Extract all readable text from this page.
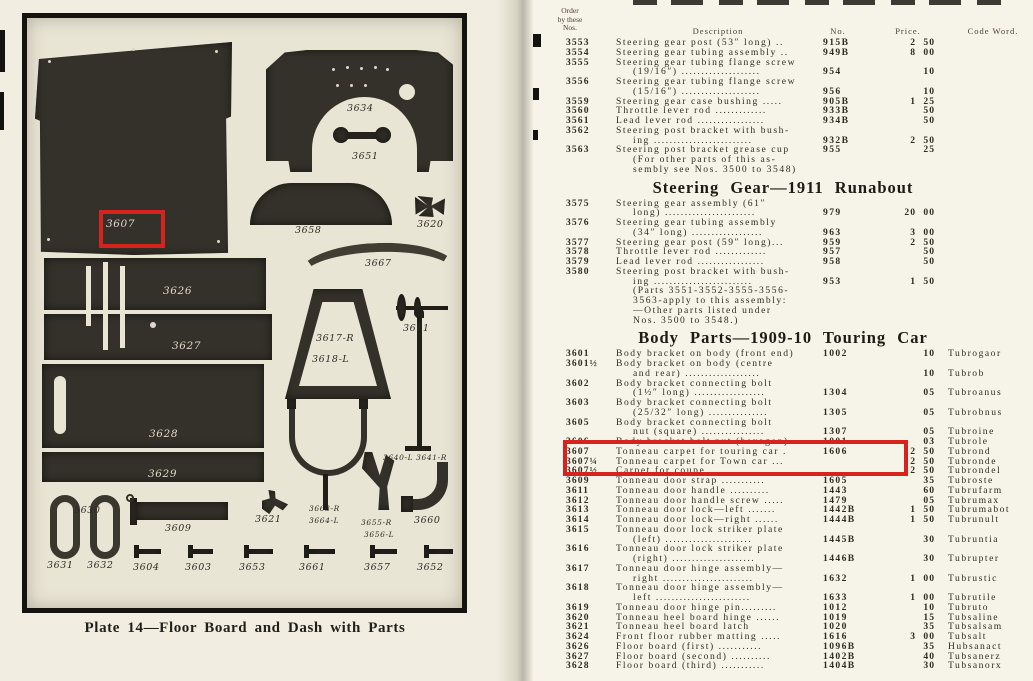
3607
3634
3651
3658
3620
3667
3626
3627
3628
3629
3617-R
3618-L
3611
3640-L 3641-R
3663-R
3664-L	3655-R
3656-L
3660
3621
3609
3630
3631 3632 3604	3603	3653	3661	3657	3652
Plate 14—Floor Board and Dash with Parts
Order
by these
Nos.	Description	No.	Price.	Code Word.
3553	Steering gear post (53″ long) ..	915B	2 50
3554	Steering gear tubing assembly ..	949B	8 00
3555	Steering gear tubing flange screw
(19/16″) ....................	954	10
3556	Steering gear tubing flange screw
(15/16″) ....................	956	10
3559	Steering gear case bushing .....	905B	1 25
3560	Throttle lever rod .............	933B	50
3561	Lead lever rod .................	934B	50
3562	Steering post bracket with bush-
ing .........................	932B	2 50
3563	Steering post bracket grease cup	955	25
(For other parts of this as-
sembly see Nos. 3500 to 3548)
Steering Gear—1911 Runabout
3575	Steering gear assembly (61″
long) .......................	979	20 00
3576	Steering gear tubing assembly
(34″ long) ..................	963	3 00
3577	Steering gear post (59″ long)...	959	2 50
3578	Throttle lever rod .............	957	50
3579	Lead lever rod .................	958	50
3580	Steering post bracket with bush-
ing .........................	953	1 50
(Parts 3551-3552-3555-3556-
3563-apply to this assembly:
—Other parts listed under
Nos. 3500 to 3548.)
Body Parts—1909-10 Touring Car
3601	Body bracket on body (front end)	1002	10	Tubrogaor
3601½	Body bracket on body (centre
and rear) ...................	10	Tubrob
3602	Body bracket connecting bolt
(1½″ long) ..................	1304	05	Tubroanus
3603	Body bracket connecting bolt
(25/32″ long) ...............	1305	05	Tubrobnus
3605	Body bracket connecting bolt
nut (square) ................	1307	05	Tubroine
3606	Body bracket bolt nut (hexagon)	1001	03	Tubrole
3607	Tonneau carpet for touring car .	1606	2 50	Tubrond
3607¼	Tonneau carpet for Town car ...	2 50	Tubronde
3607½	Carpet for coupe .............	2 50	Tubrondel
3609	Tonneau door strap ...........	1605	35	Tubroste
3611	Tonneau door handle ..........	1443	60	Tubrufarm
3612	Tonneau door handle screw .....	1479	05	Tubrumax
3613	Tonneau door lock—left .......	1442B	1 50	Tubrumabot
3614	Tonneau door lock—right ......	1444B	1 50	Tubrunult
3615	Tonneau door lock striker plate
(left) ......................	1445B	30	Tubruntia
3616	Tonneau door lock striker plate
(right) .....................	1446B	30	Tubrupter
3617	Tonneau door hinge assembly—
right .......................	1632	1 00	Tubrustic
3618	Tonneau door hinge assembly—
left ........................	1633	1 00	Tubrutile
3619	Tonneau door hinge pin.........	1012	10	Tubruto
3620	Tonneau heel board hinge ......	1019	15	Tubsaline
3621	Tonneau heel board latch	1020	35	Tubsalsam
3624	Front floor rubber matting .....	1616	3 00	Tubsalt
3626	Floor board (first) ...........	1096B	35	Hubsanact
3627	Floor board (second) ..........	1402B	40	Tubsanerz
3628	Floor board (third) ...........	1404B	30	Tubsanorx
